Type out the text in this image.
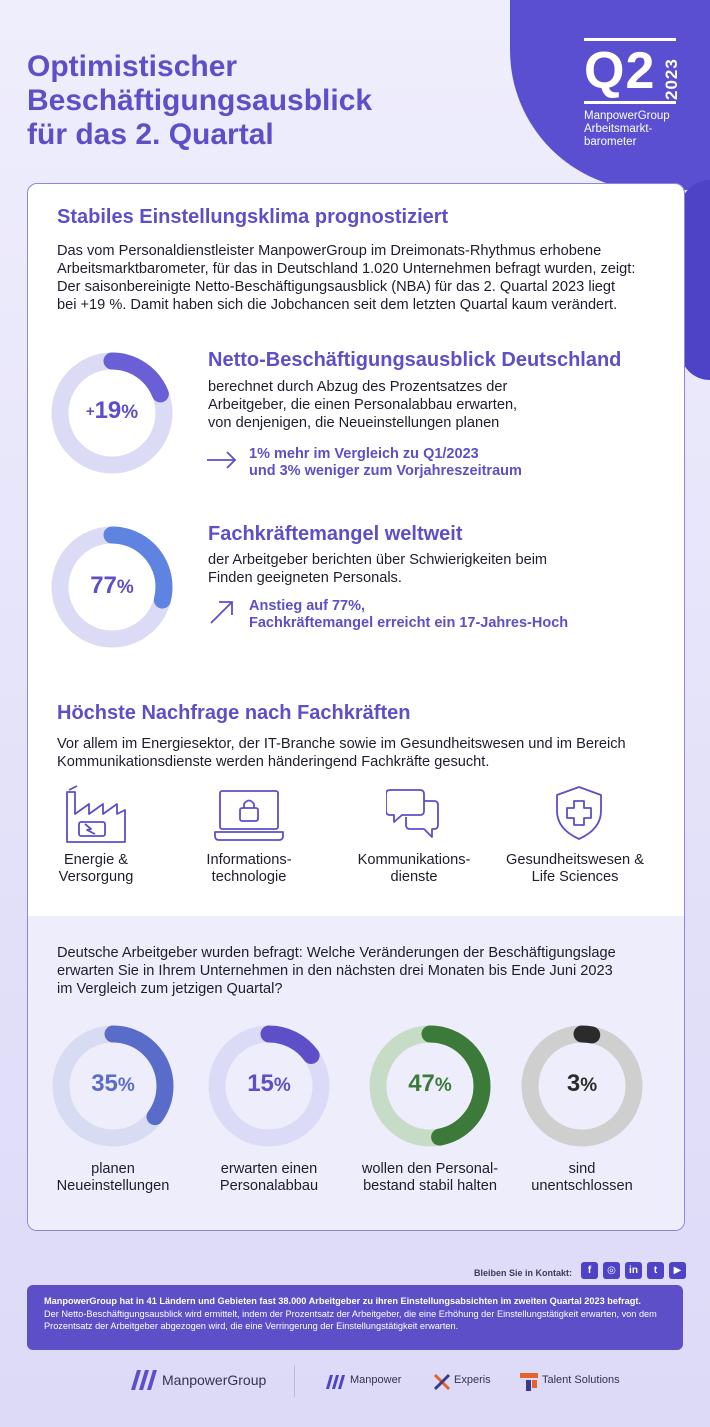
Optimistischer
Beschäftigungsausblick
für das 2. Quartal
Q2 2023
ManpowerGroup
Arbeitsmarkt-
barometer
Stabiles Einstellungsklima prognostiziert
Das vom Personaldienstleister ManpowerGroup im Dreimonats-Rhythmus erhobene
Arbeitsmarktbarometer, für das in Deutschland 1.020 Unternehmen befragt wurden, zeigt:
Der saisonbereinigte Netto-Beschäftigungsausblick (NBA) für das 2. Quartal 2023 liegt
bei +19 %. Damit haben sich die Jobchancen seit dem letzten Quartal kaum verändert.
+19%
Netto-Beschäftigungsausblick Deutschland
berechnet durch Abzug des Prozentsatzes der
Arbeitgeber, die einen Personalabbau erwarten,
von denjenigen, die Neueinstellungen planen
1% mehr im Vergleich zu Q1/2023
und 3% weniger zum Vorjahreszeitraum
77%
Fachkräftemangel weltweit
der Arbeitgeber berichten über Schwierigkeiten beim
Finden geeigneten Personals.
Anstieg auf 77%,
Fachkräftemangel erreicht ein 17-Jahres-Hoch
Höchste Nachfrage nach Fachkräften
Vor allem im Energiesektor, der IT-Branche sowie im Gesundheitswesen und im Bereich
Kommunikationsdienste werden händeringend Fachkräfte gesucht.
Energie &
Versorgung
Informations-
technologie
Kommunikations-
dienste
Gesundheitswesen &
Life Sciences
Deutsche Arbeitgeber wurden befragt: Welche Veränderungen der Beschäftigungslage
erwarten Sie in Ihrem Unternehmen in den nächsten drei Monaten bis Ende Juni 2023
im Vergleich zum jetzigen Quartal?
35%	15%	47%	3%
planen
Neueinstellungen
erwarten einen
Personalabbau
wollen den Personal-
bestand stabil halten
sind
unentschlossen
Bleiben Sie in Kontakt:	f	◎	in	t	▶
ManpowerGroup hat in 41 Ländern und Gebieten fast 38.000 Arbeitgeber zu ihren Einstellungsabsichten im zweiten Quartal 2023 befragt.
Der Netto-Beschäftigungsausblick wird ermittelt, indem der Prozentsatz der Arbeitgeber, die eine Erhöhung der Einstellungstätigkeit erwarten, von dem
Prozentsatz der Arbeitgeber abgezogen wird, die eine Verringerung der Einstellungstätigkeit erwarten.
ManpowerGroup	Manpower	Experis	Talent Solutions
